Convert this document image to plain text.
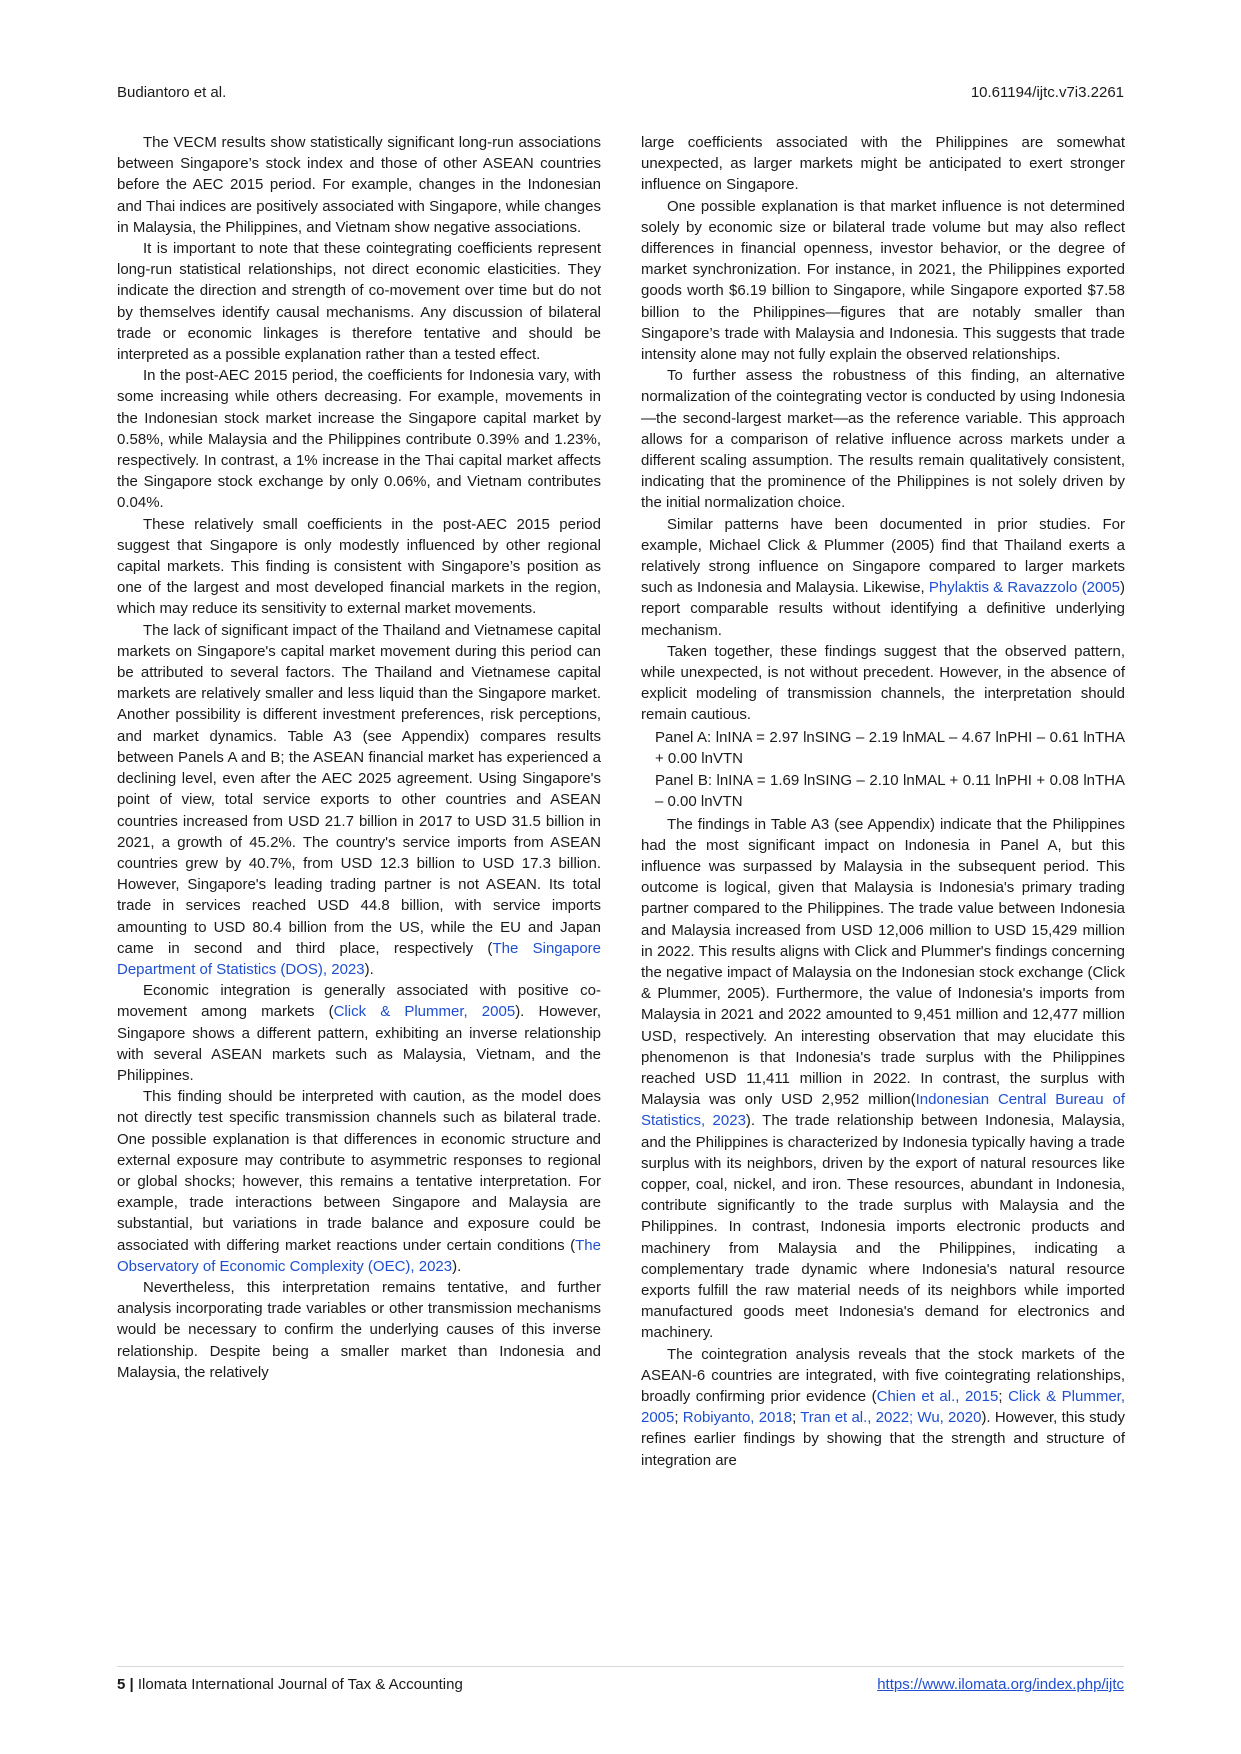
Budiantoro et al.	10.61194/ijtc.v7i3.2261

The VECM results show statistically significant long-run associations between Singapore’s stock index and those of other ASEAN countries before the AEC 2015 period. For example, changes in the Indonesian and Thai indices are positively associated with Singapore, while changes in Malaysia, the Philippines, and Vietnam show negative associations.

It is important to note that these cointegrating coefficients represent long-run statistical relationships, not direct economic elasticities. They indicate the direction and strength of co-movement over time but do not by themselves identify causal mechanisms. Any discussion of bilateral trade or economic linkages is therefore tentative and should be interpreted as a possible explanation rather than a tested effect.

In the post-AEC 2015 period, the coefficients for Indonesia vary, with some increasing while others decreasing. For example, movements in the Indonesian stock market increase the Singapore capital market by 0.58%, while Malaysia and the Philippines contribute 0.39% and 1.23%, respectively. In contrast, a 1% increase in the Thai capital market affects the Singapore stock exchange by only 0.06%, and Vietnam contributes 0.04%.

These relatively small coefficients in the post-AEC 2015 period suggest that Singapore is only modestly influenced by other regional capital markets. This finding is consistent with Singapore’s position as one of the largest and most developed financial markets in the region, which may reduce its sensitivity to external market movements.

The lack of significant impact of the Thailand and Vietnamese capital markets on Singapore's capital market movement during this period can be attributed to several factors. The Thailand and Vietnamese capital markets are relatively smaller and less liquid than the Singapore market. Another possibility is different investment preferences, risk perceptions, and market dynamics. Table A3 (see Appendix) compares results between Panels A and B; the ASEAN financial market has experienced a declining level, even after the AEC 2025 agreement. Using Singapore's point of view, total service exports to other countries and ASEAN countries increased from USD 21.7 billion in 2017 to USD 31.5 billion in 2021, a growth of 45.2%. The country's service imports from ASEAN countries grew by 40.7%, from USD 12.3 billion to USD 17.3 billion. However, Singapore's leading trading partner is not ASEAN. Its total trade in services reached USD 44.8 billion, with service imports amounting to USD 80.4 billion from the US, while the EU and Japan came in second and third place, respectively (The Singapore Department of Statistics (DOS), 2023).

Economic integration is generally associated with positive co-movement among markets (Click & Plummer, 2005). However, Singapore shows a different pattern, exhibiting an inverse relationship with several ASEAN markets such as Malaysia, Vietnam, and the Philippines.

This finding should be interpreted with caution, as the model does not directly test specific transmission channels such as bilateral trade. One possible explanation is that differences in economic structure and external exposure may contribute to asymmetric responses to regional or global shocks; however, this remains a tentative interpretation. For example, trade interactions between Singapore and Malaysia are substantial, but variations in trade balance and exposure could be associated with differing market reactions under certain conditions (The Observatory of Economic Complexity (OEC), 2023).

Nevertheless, this interpretation remains tentative, and further analysis incorporating trade variables or other transmission mechanisms would be necessary to confirm the underlying causes of this inverse relationship. Despite being a smaller market than Indonesia and Malaysia, the relatively

large coefficients associated with the Philippines are somewhat unexpected, as larger markets might be anticipated to exert stronger influence on Singapore.

One possible explanation is that market influence is not determined solely by economic size or bilateral trade volume but may also reflect differences in financial openness, investor behavior, or the degree of market synchronization. For instance, in 2021, the Philippines exported goods worth $6.19 billion to Singapore, while Singapore exported $7.58 billion to the Philippines—figures that are notably smaller than Singapore’s trade with Malaysia and Indonesia. This suggests that trade intensity alone may not fully explain the observed relationships.

To further assess the robustness of this finding, an alternative normalization of the cointegrating vector is conducted by using Indonesia—the second-largest market—as the reference variable. This approach allows for a comparison of relative influence across markets under a different scaling assumption. The results remain qualitatively consistent, indicating that the prominence of the Philippines is not solely driven by the initial normalization choice.

Similar patterns have been documented in prior studies. For example, Michael Click & Plummer (2005) find that Thailand exerts a relatively strong influence on Singapore compared to larger markets such as Indonesia and Malaysia. Likewise, Phylaktis & Ravazzolo (2005) report comparable results without identifying a definitive underlying mechanism.

Taken together, these findings suggest that the observed pattern, while unexpected, is not without precedent. However, in the absence of explicit modeling of transmission channels, the interpretation should remain cautious.

Panel A: lnINA = 2.97 lnSING – 2.19 lnMAL – 4.67 lnPHI – 0.61 lnTHA + 0.00 lnVTN

Panel B: lnINA = 1.69 lnSING – 2.10 lnMAL + 0.11 lnPHI + 0.08 lnTHA – 0.00 lnVTN

The findings in Table A3 (see Appendix) indicate that the Philippines had the most significant impact on Indonesia in Panel A, but this influence was surpassed by Malaysia in the subsequent period. This outcome is logical, given that Malaysia is Indonesia's primary trading partner compared to the Philippines. The trade value between Indonesia and Malaysia increased from USD 12,006 million to USD 15,429 million in 2022. This results aligns with Click and Plummer's findings concerning the negative impact of Malaysia on the Indonesian stock exchange (Click & Plummer, 2005). Furthermore, the value of Indonesia's imports from Malaysia in 2021 and 2022 amounted to 9,451 million and 12,477 million USD, respectively. An interesting observation that may elucidate this phenomenon is that Indonesia's trade surplus with the Philippines reached USD 11,411 million in 2022. In contrast, the surplus with Malaysia was only USD 2,952 million(Indonesian Central Bureau of Statistics, 2023). The trade relationship between Indonesia, Malaysia, and the Philippines is characterized by Indonesia typically having a trade surplus with its neighbors, driven by the export of natural resources like copper, coal, nickel, and iron. These resources, abundant in Indonesia, contribute significantly to the trade surplus with Malaysia and the Philippines. In contrast, Indonesia imports electronic products and machinery from Malaysia and the Philippines, indicating a complementary trade dynamic where Indonesia's natural resource exports fulfill the raw material needs of its neighbors while imported manufactured goods meet Indonesia's demand for electronics and machinery.

The cointegration analysis reveals that the stock markets of the ASEAN-6 countries are integrated, with five cointegrating relationships, broadly confirming prior evidence (Chien et al., 2015; Click & Plummer, 2005; Robiyanto, 2018; Tran et al., 2022; Wu, 2020). However, this study refines earlier findings by showing that the strength and structure of integration are

5 | Ilomata International Journal of Tax & Accounting	https://www.ilomata.org/index.php/ijtc
